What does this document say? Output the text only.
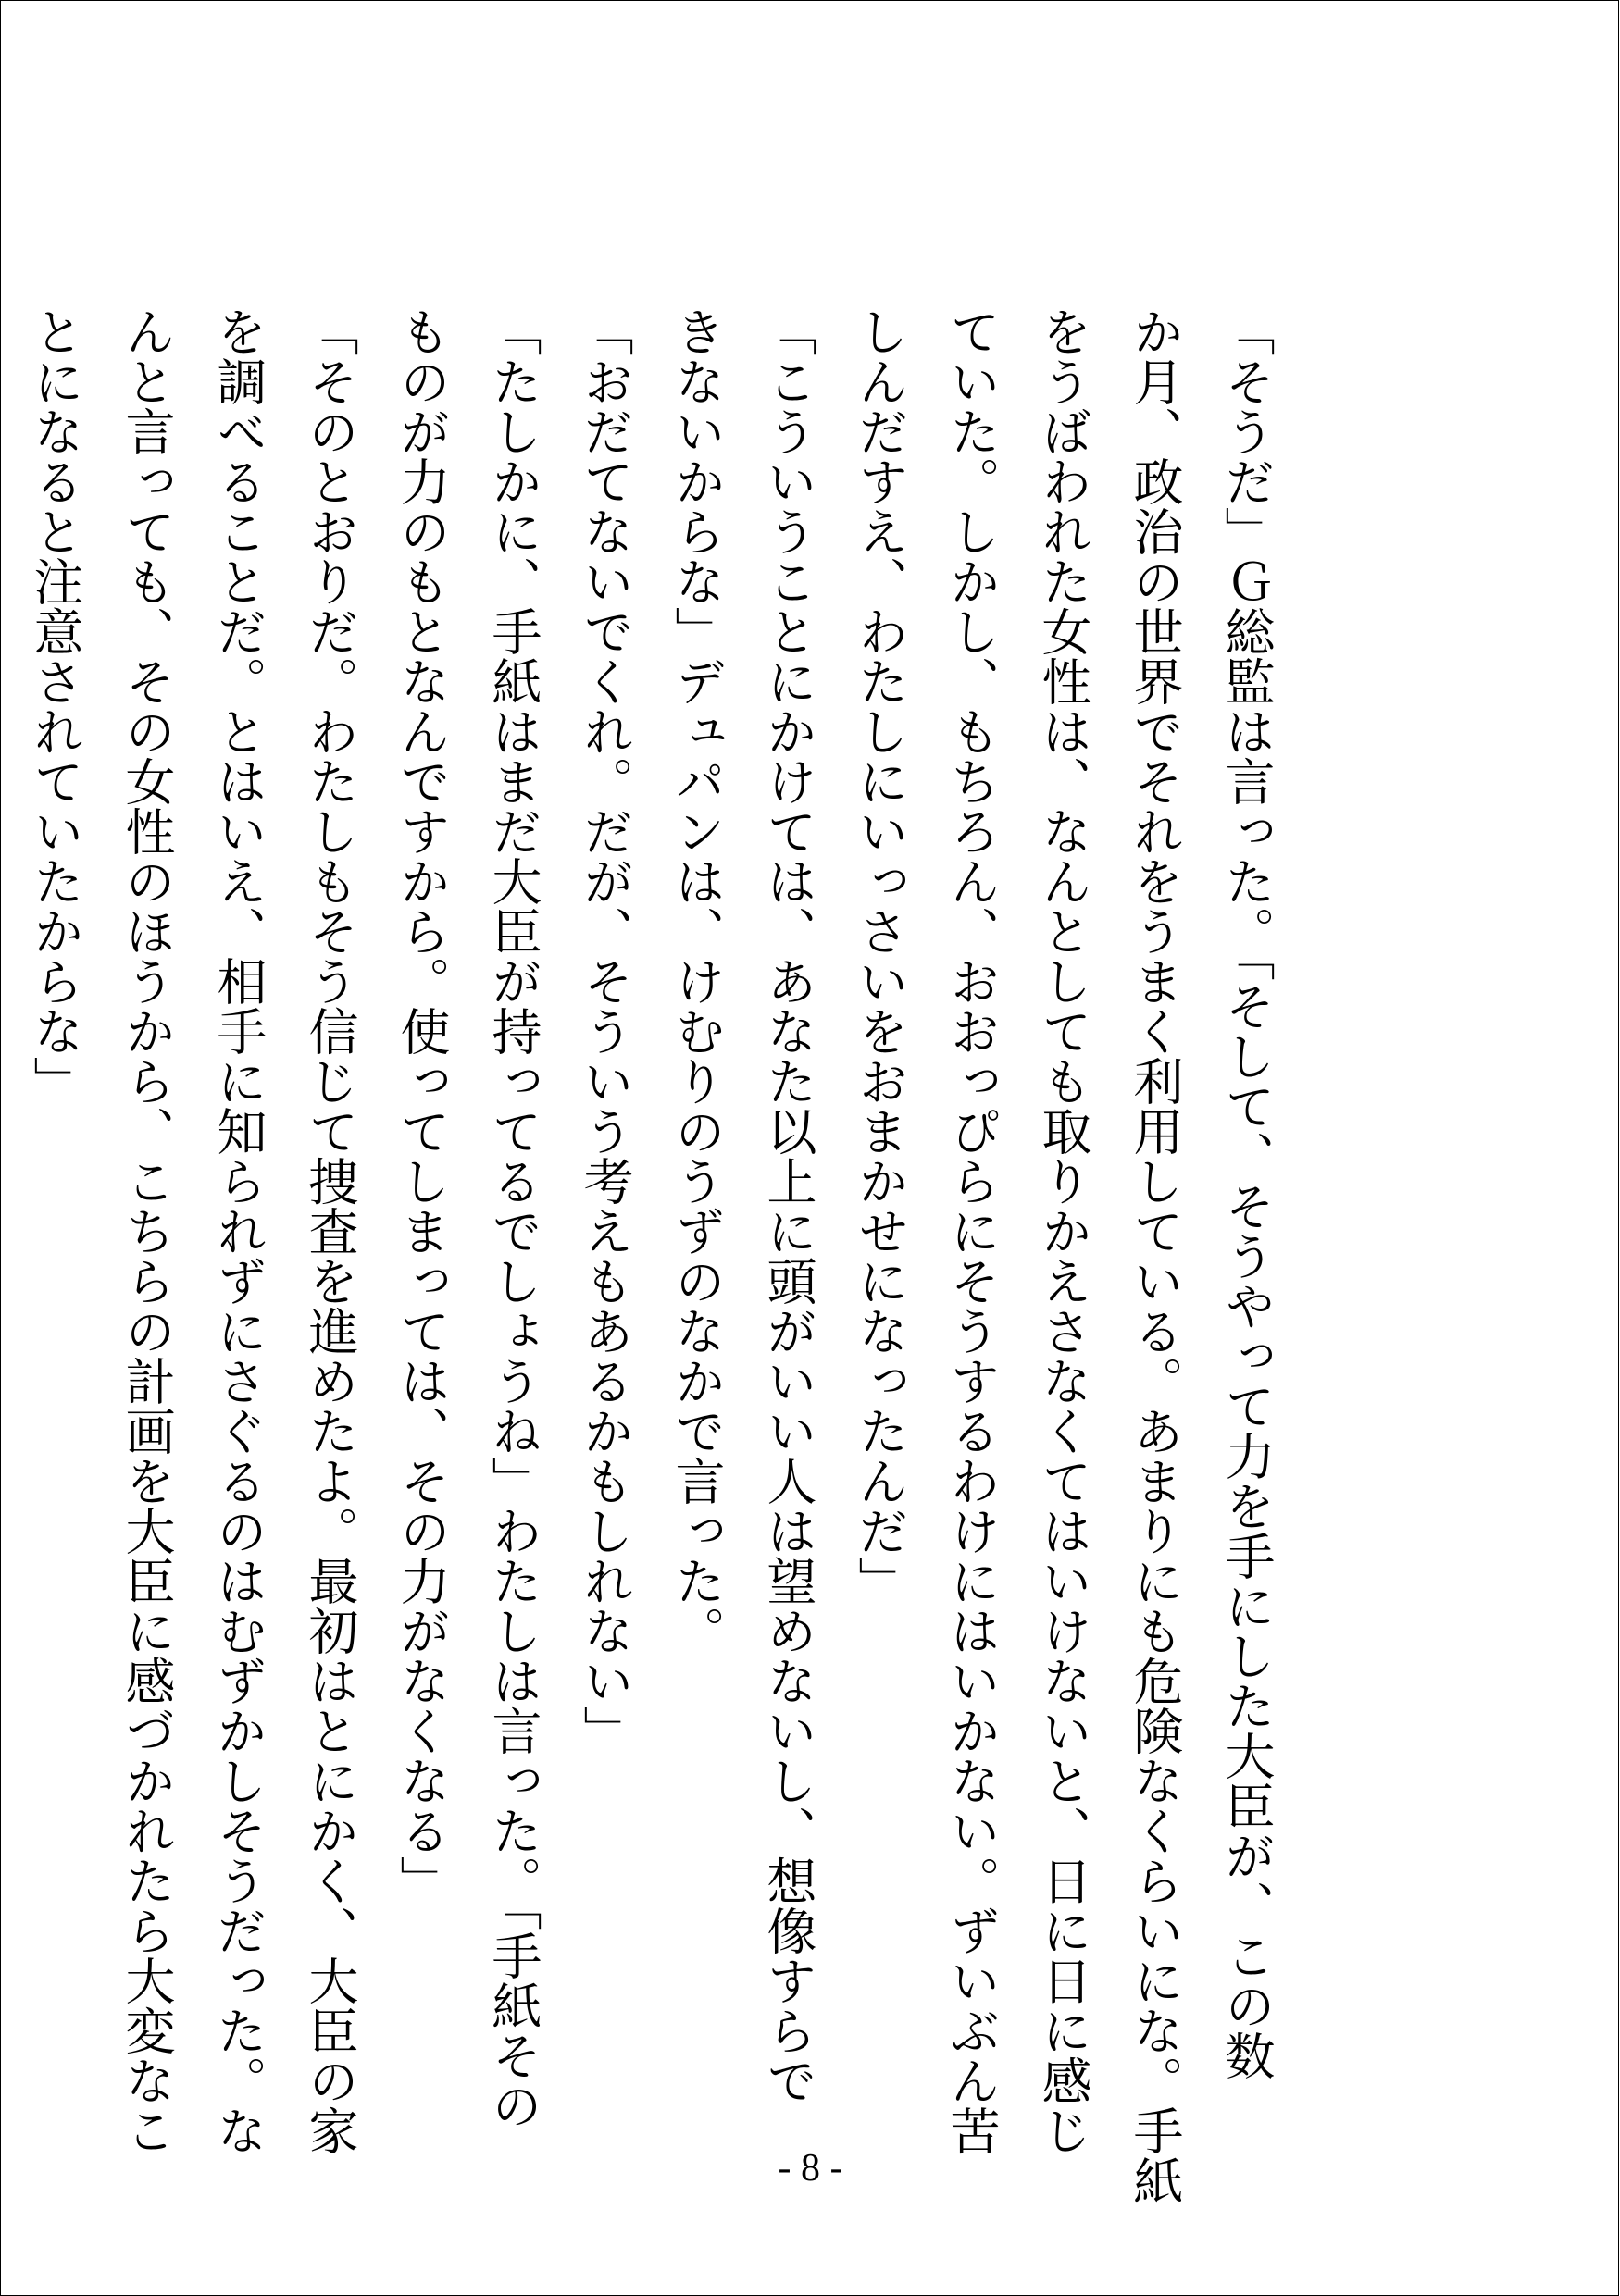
「そうだ」Ｇ総監は言った。「そして、そうやって力を手にした大臣が、この数
か月、政治の世界でそれをうまく利用している。あまりにも危険なくらいにな。手紙
をうばわれた女性は、なんとしても取りかえさなくてはいけないと、日に日に感じ
ていた。しかし、もちろん、おおっぴらにそうするわけにはいかない。ずいぶん苦
しんだすえ、わたしにいっさいをおまかせになったんだ」
「こういうことにかけては、あなた以上に頭がいい人は望めないし、想像すらで
きないからな」デュパンは、けむりのうずのなかで言った。
「おだてないでくれ。だが、そういう考えもあるかもしれない」
「たしかに、手紙はまだ大臣が持ってるでしょうね」わたしは言った。「手紙その
ものが力のもとなんですから。使ってしまっては、その力がなくなる」
「そのとおりだ。わたしもそう信じて捜査を進めたよ。最初はとにかく、大臣の家
を調べることだ。とはいえ、相手に知られずにさぐるのはむずかしそうだった。な
んと言っても、その女性のほうから、こちらの計画を大臣に感づかれたら大変なこ
とになると注意されていたからな」
- 8 -
